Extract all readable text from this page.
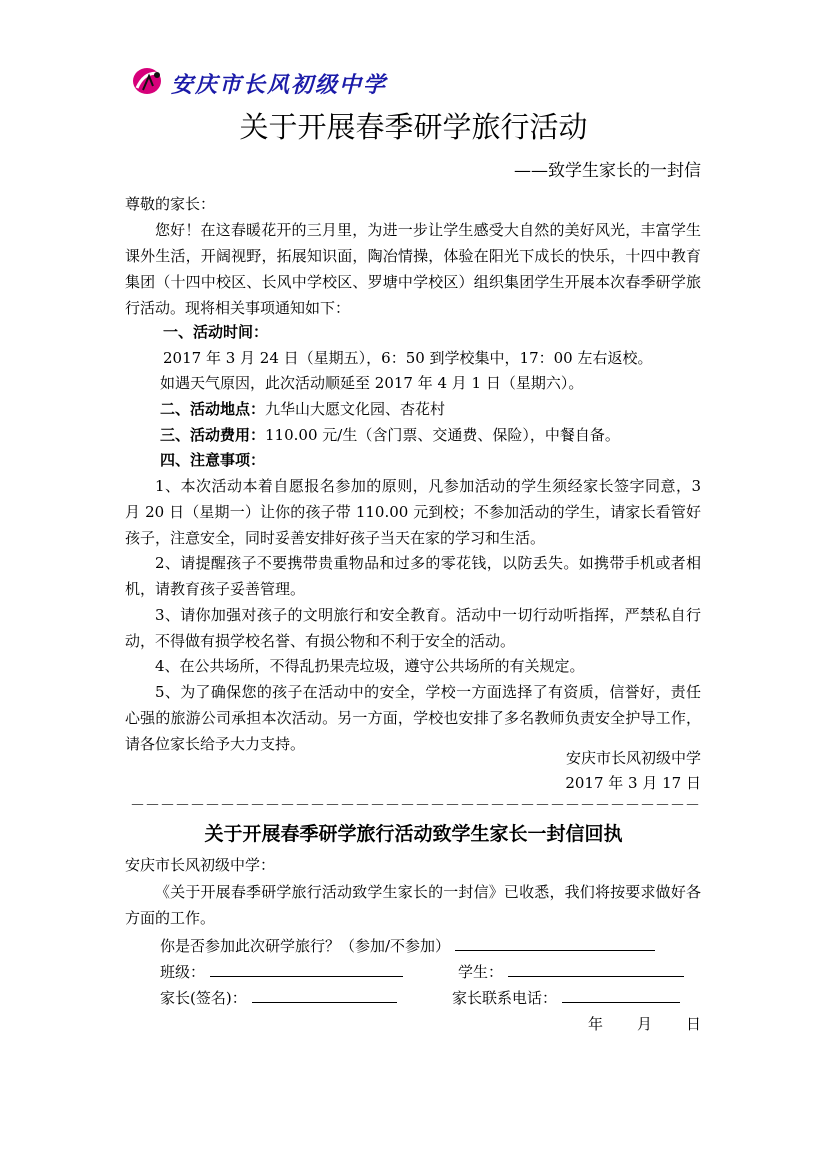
安庆市长风初级中学
关于开展春季研学旅行活动
——致学生家长的一封信
尊敬的家长：
您好！在这春暖花开的三月里，为进一步让学生感受大自然的美好风光，丰富学生课外生活，开阔视野，拓展知识面，陶冶情操，体验在阳光下成长的快乐，十四中教育集团（十四中校区、长风中学校区、罗塘中学校区）组织集团学生开展本次春季研学旅行活动。现将相关事项通知如下：
一、活动时间：
2017 年 3 月 24 日（星期五），6：50 到学校集中，17：00 左右返校。
如遇天气原因，此次活动顺延至 2017 年 4 月 1 日（星期六）。
二、活动地点：九华山大愿文化园、杏花村
三、活动费用：110.00 元/生（含门票、交通费、保险），中餐自备。
四、注意事项：
1、本次活动本着自愿报名参加的原则，凡参加活动的学生须经家长签字同意，3 月 20 日（星期一）让你的孩子带 110.00 元到校；不参加活动的学生，请家长看管好孩子，注意安全，同时妥善安排好孩子当天在家的学习和生活。
2、请提醒孩子不要携带贵重物品和过多的零花钱，以防丢失。如携带手机或者相机，请教育孩子妥善管理。
3、请你加强对孩子的文明旅行和安全教育。活动中一切行动听指挥，严禁私自行动，不得做有损学校名誉、有损公物和不利于安全的活动。
4、在公共场所，不得乱扔果壳垃圾，遵守公共场所的有关规定。
5、为了确保您的孩子在活动中的安全，学校一方面选择了有资质，信誉好，责任心强的旅游公司承担本次活动。另一方面，学校也安排了多名教师负责安全护导工作，请各位家长给予大力支持。
安庆市长风初级中学
2017 年 3 月 17 日
－－－－－－－－－－－－－－－－－－－－－－－－－－－－－－－－－－－－－－
关于开展春季研学旅行活动致学生家长一封信回执
安庆市长风初级中学：
《关于开展春季研学旅行活动致学生家长的一封信》已收悉，我们将按要求做好各方面的工作。
你是否参加此次研学旅行？（参加/不参加）
班级：	学生：
家长(签名)：	家长联系电话：
年 月 日
